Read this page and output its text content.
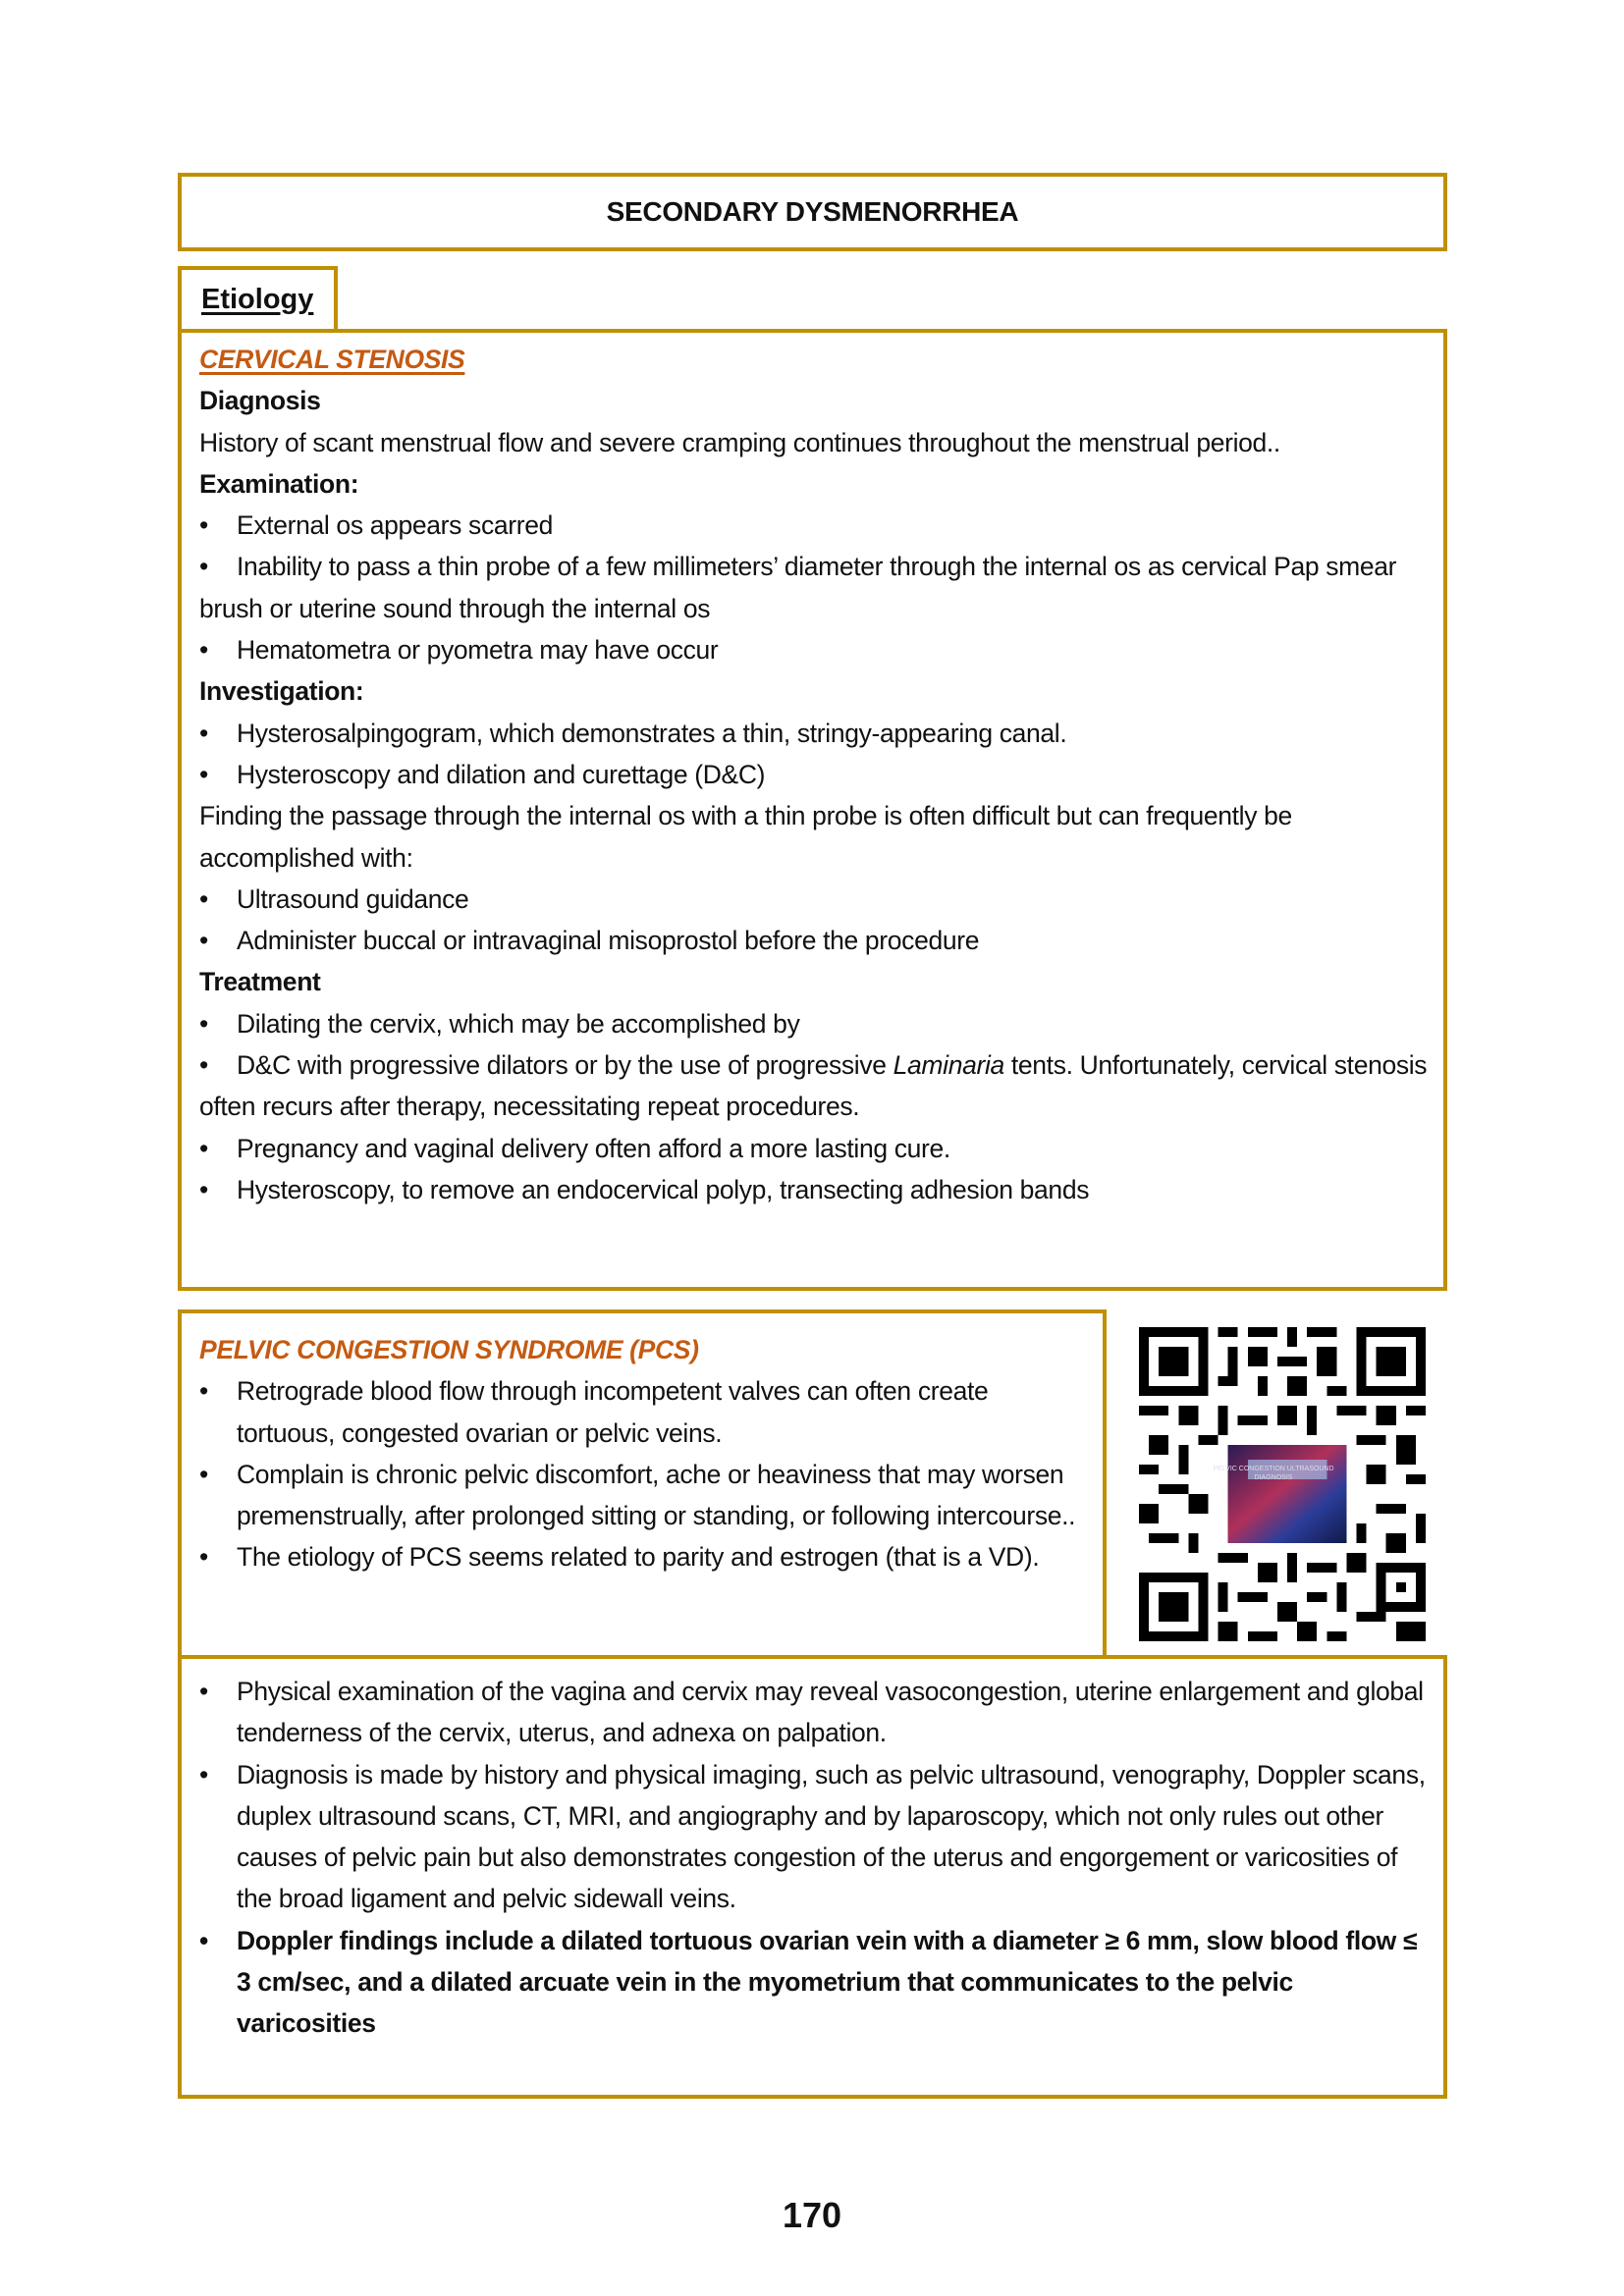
SECONDARY DYSMENORRHEA
Etiology
CERVICAL STENOSIS
Diagnosis

History of scant menstrual flow and severe cramping continues throughout the menstrual period..

Examination:

• External os appears scarred

• Inability to pass a thin probe of a few millimeters’ diameter through the internal os as cervical Pap smear brush or uterine sound through the internal os

• Hematometra or pyometra may have occur

Investigation:

• Hysterosalpingogram, which demonstrates a thin, stringy-appearing canal.

• Hysteroscopy and dilation and curettage (D&C)

Finding the passage through the internal os with a thin probe is often difficult but can frequently be accomplished with:

• Ultrasound guidance

• Administer buccal or intravaginal misoprostol before the procedure

Treatment

• Dilating the cervix, which may be accomplished by

• D&C with progressive dilators or by the use of progressive Laminaria tents. Unfortunately, cervical stenosis often recurs after therapy, necessitating repeat procedures.

• Pregnancy and vaginal delivery often afford a more lasting cure.

• Hysteroscopy, to remove an endocervical polyp, transecting adhesion bands

PELVIC CONGESTION SYNDROME (PCS)

• Retrograde blood flow through incompetent valves can often create tortuous, congested ovarian or pelvic veins.

• Complain is chronic pelvic discomfort, ache or heaviness that may worsen premenstrually, after prolonged sitting or standing, or following intercourse..

• The etiology of PCS seems related to parity and estrogen (that is a VD).

PELVIC CONGESTION ULTRASOUND DIAGNOSIS

• Physical examination of the vagina and cervix may reveal vasocongestion, uterine enlargement and global tenderness of the cervix, uterus, and adnexa on palpation.

• Diagnosis is made by history and physical imaging, such as pelvic ultrasound, venography, Doppler scans, duplex ultrasound scans, CT, MRI, and angiography and by laparoscopy, which not only rules out other causes of pelvic pain but also demonstrates congestion of the uterus and engorgement or varicosities of the broad ligament and pelvic sidewall veins.

• Doppler findings include a dilated tortuous ovarian vein with a diameter ≥ 6 mm, slow blood flow ≤ 3 cm/sec, and a dilated arcuate vein in the myometrium that communicates to the pelvic varicosities

170
